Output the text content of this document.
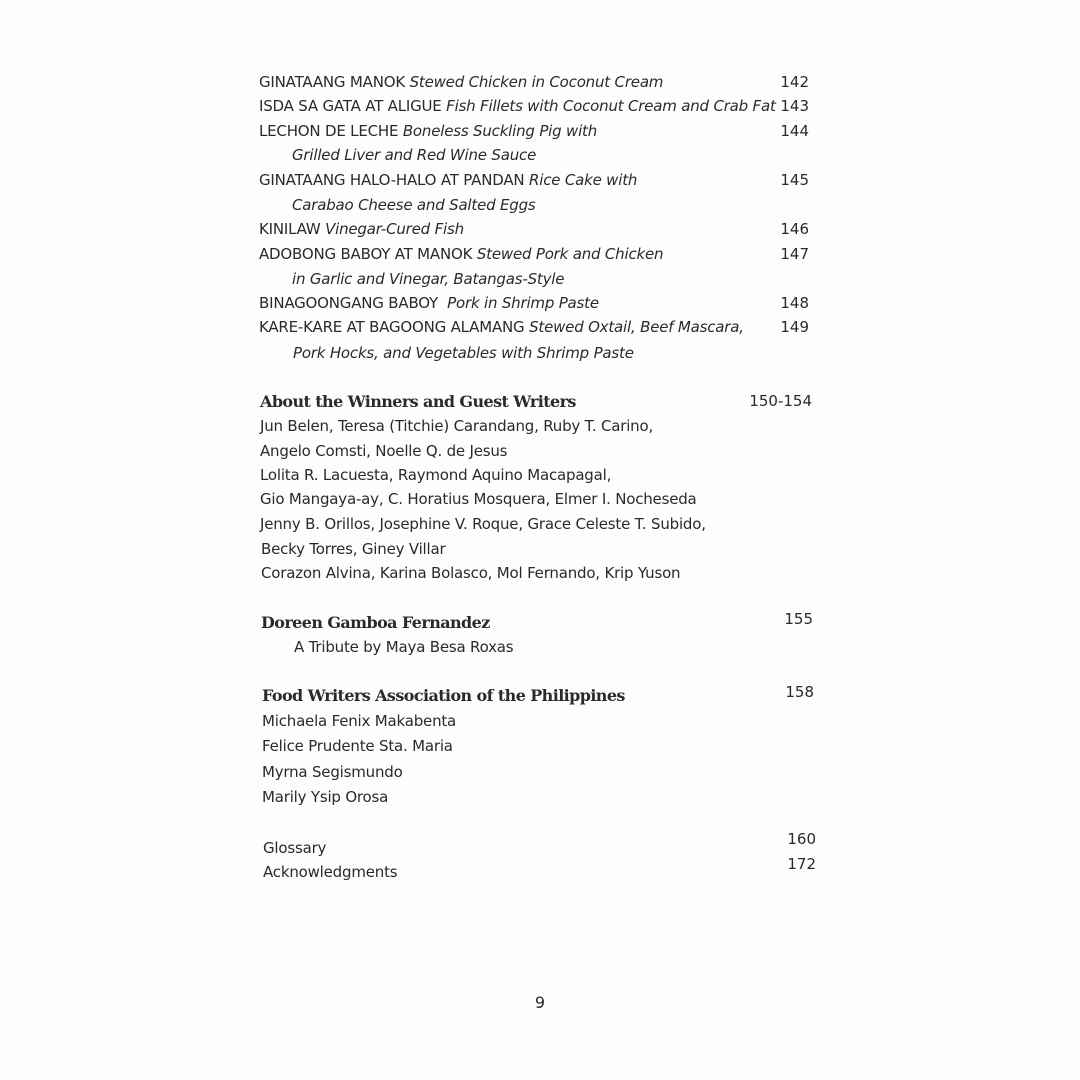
GINATAANG MANOK Stewed Chicken in Coconut Cream	142
ISDA SA GATA AT ALIGUE Fish Fillets with Coconut Cream and Crab Fat 143
LECHON DE LECHE Boneless Suckling Pig with	144
Grilled Liver and Red Wine Sauce
GINATAANG HALO-HALO AT PANDAN Rice Cake with	145
Carabao Cheese and Salted Eggs
KINILAW Vinegar-Cured Fish	146
ADOBONG BABOY AT MANOK Stewed Pork and Chicken	147
in Garlic and Vinegar, Batangas-Style
BINAGOONGANG BABOY Pork in Shrimp Paste	148
KARE-KARE AT BAGOONG ALAMANG Stewed Oxtail, Beef Mascara, 149
Pork Hocks, and Vegetables with Shrimp Paste
About the Winners and Guest Writers	150-154
Jun Belen, Teresa (Titchie) Carandang, Ruby T. Carino,
Angelo Comsti, Noelle Q. de Jesus
Lolita R. Lacuesta, Raymond Aquino Macapagal,
Gio Mangaya-ay, C. Horatius Mosquera, Elmer I. Nocheseda
Jenny B. Orillos, Josephine V. Roque, Grace Celeste T. Subido,
Becky Torres, Giney Villar
Corazon Alvina, Karina Bolasco, Mol Fernando, Krip Yuson
Doreen Gamboa Fernandez	155
A Tribute by Maya Besa Roxas
Food Writers Association of the Philippines	158
Michaela Fenix Makabenta
Felice Prudente Sta. Maria
Myrna Segismundo
Marily Ysip Orosa
Glossary	160
Acknowledgments	172
9
